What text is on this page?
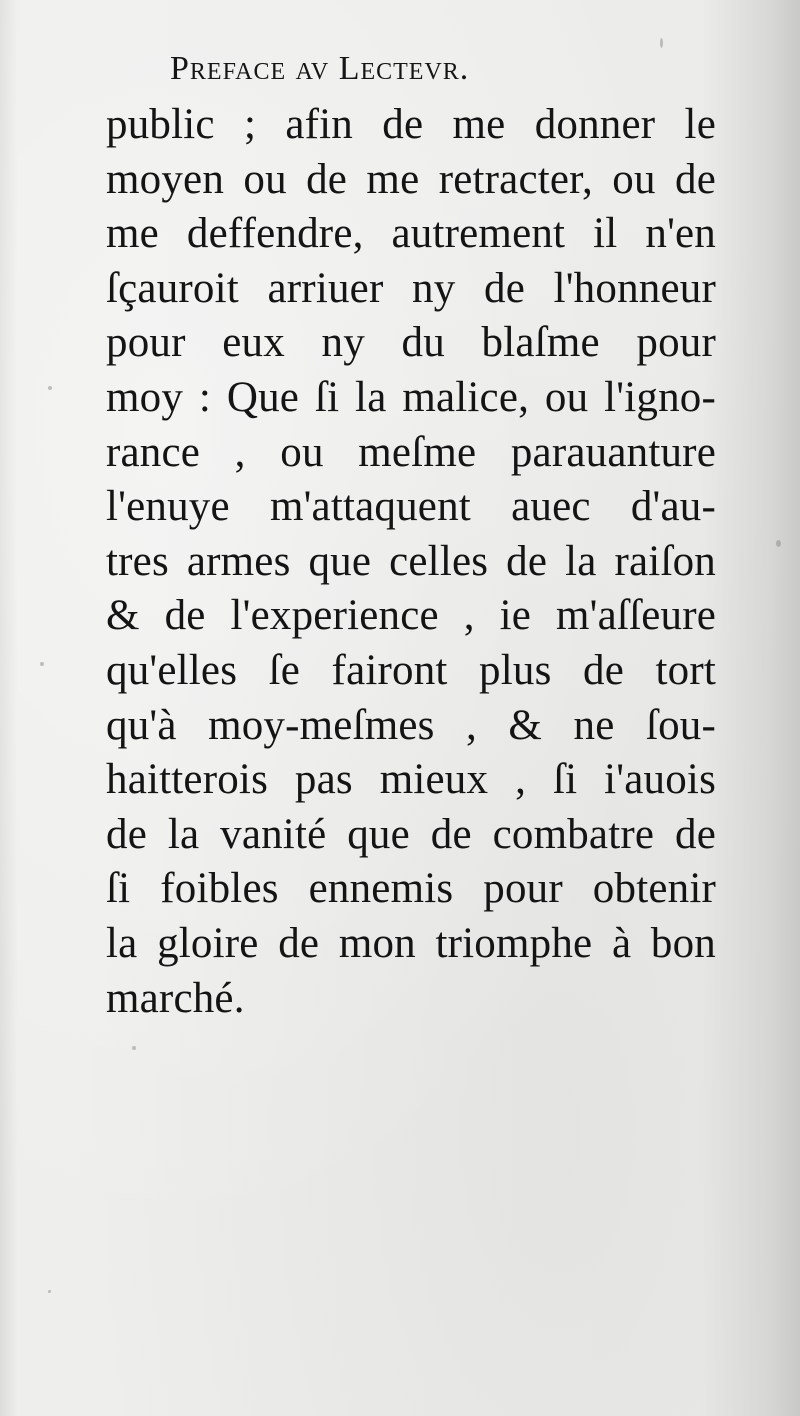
Preface av Lectevr.
public ; afin de me donner le
moyen ou de me retracter, ou de
me deffendre, autrement il n'en
ſçauroit arriuer ny de l'honneur
pour eux ny du blaſme pour
moy : Que ſi la malice, ou l'igno-
rance , ou meſme parauanture
l'enuye m'attaquent auec d'au-
tres armes que celles de la raiſon
& de l'experience , ie m'aſſeure
qu'elles ſe fairont plus de tort
qu'à moy-meſmes , & ne ſou-
haitterois pas mieux , ſi i'auois
de la vanité que de combatre de
ſi foibles ennemis pour obtenir
la gloire de mon triomphe à bon
marché.
